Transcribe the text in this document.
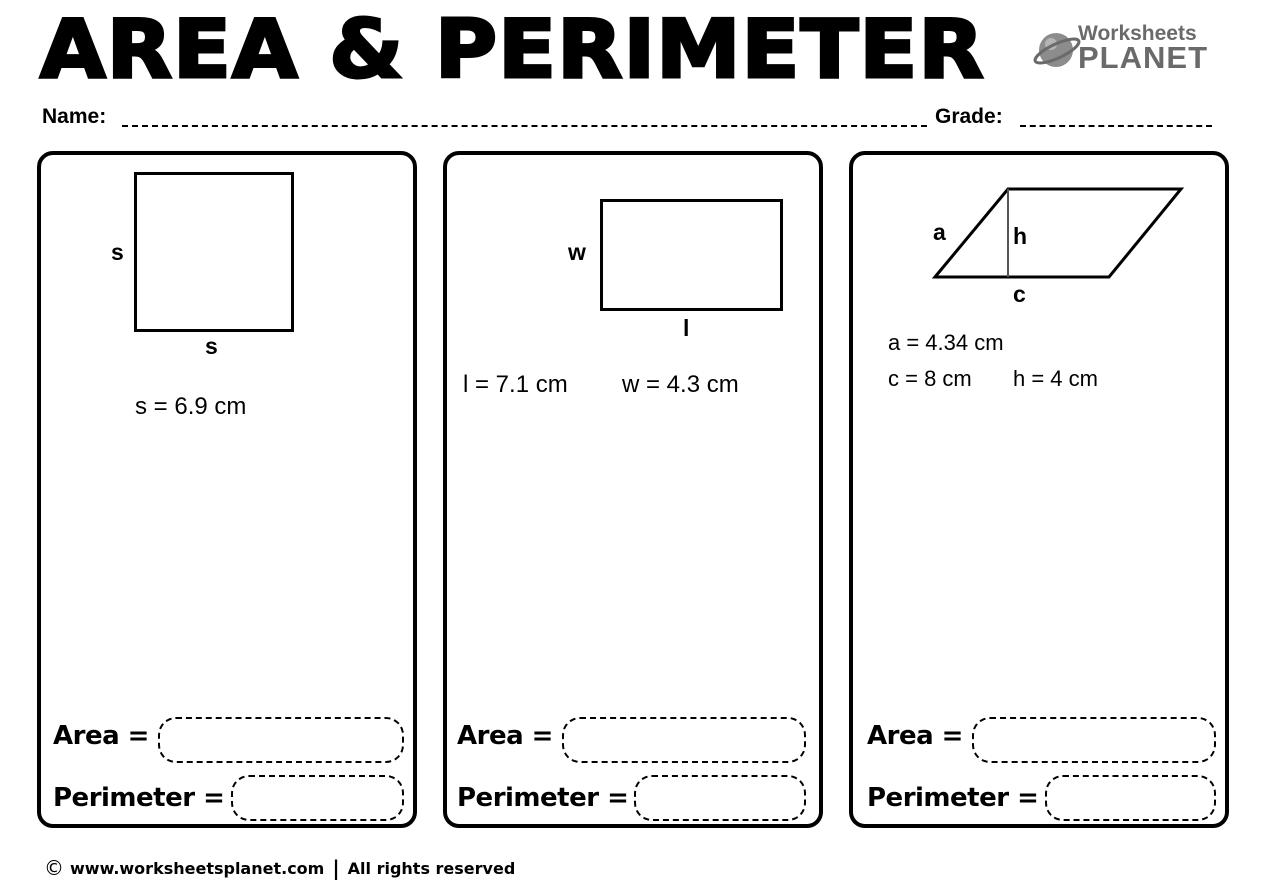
AREA & PERIMETER	Worksheets
PLANET
Name:	Grade:
s
s
s = 6.9 cm
Area =
Perimeter =
w
l
l = 7.1 cm w = 4.3 cm
Area =
Perimeter =
a	h
c
a = 4.34 cm
c = 8 cm h = 4 cm
Area =
Perimeter =
© www.worksheetsplanet.com | All rights reserved
